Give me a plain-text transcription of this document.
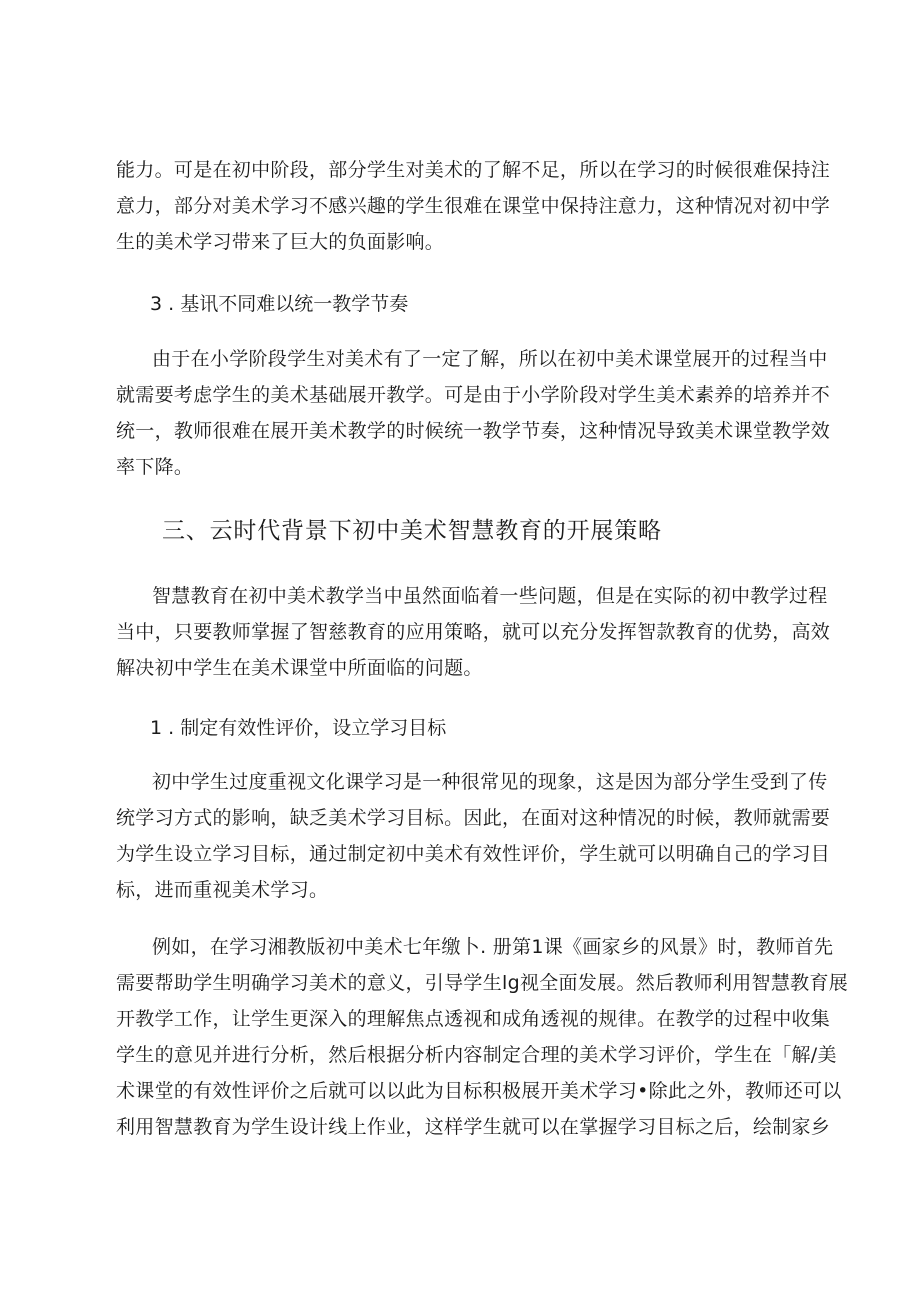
能力。可是在初中阶段，部分学生对美术的了解不足，所以在学习的时候很难保持注
意力，部分对美术学习不感兴趣的学生很难在课堂中保持注意力，这种情况对初中学
生的美术学习带来了巨大的负面影响。
3 . 基讯不同难以统一教学节奏
由于在小学阶段学生对美术有了一定了解，所以在初中美术课堂展开的过程当中
就需要考虑学生的美术基础展开教学。可是由于小学阶段对学生美术素养的培养并不
统一，教师很难在展开美术教学的时候统一教学节奏，这种情况导致美术课堂教学效
率下降。
三、云时代背景下初中美术智慧教育的开展策略
智慧教育在初中美术教学当中虽然面临着一些问题，但是在实际的初中教学过程
当中，只要教师掌握了智慈教育的应用策略，就可以充分发挥智款教育的优势，高效
解决初中学生在美术课堂中所面临的问题。
1 . 制定有效性评价，设立学习目标
初中学生过度重视文化课学习是一种很常见的现象，这是因为部分学生受到了传
统学习方式的影响，缺乏美术学习目标。因此，在面对这种情况的时候，教师就需要
为学生设立学习目标，通过制定初中美术有效性评价，学生就可以明确自己的学习目
标，进而重视美术学习。
例如，在学习湘教版初中美术七年缴卜. 册第1课《画家乡的风景》时，教师首先
需要帮助学生明确学习美术的意义，引导学生lg视全面发展。然后教师利用智慧教育展
开教学工作，让学生更深入的理解焦点透视和成角透视的规律。在教学的过程中收集
学生的意见并进行分析，然后根据分析内容制定合理的美术学习评价，学生在「解/美
术课堂的有效性评价之后就可以以此为目标积极展开美术学习•除此之外，教师还可以
利用智慧教育为学生设计线上作业，这样学生就可以在掌握学习目标之后，绘制家乡
